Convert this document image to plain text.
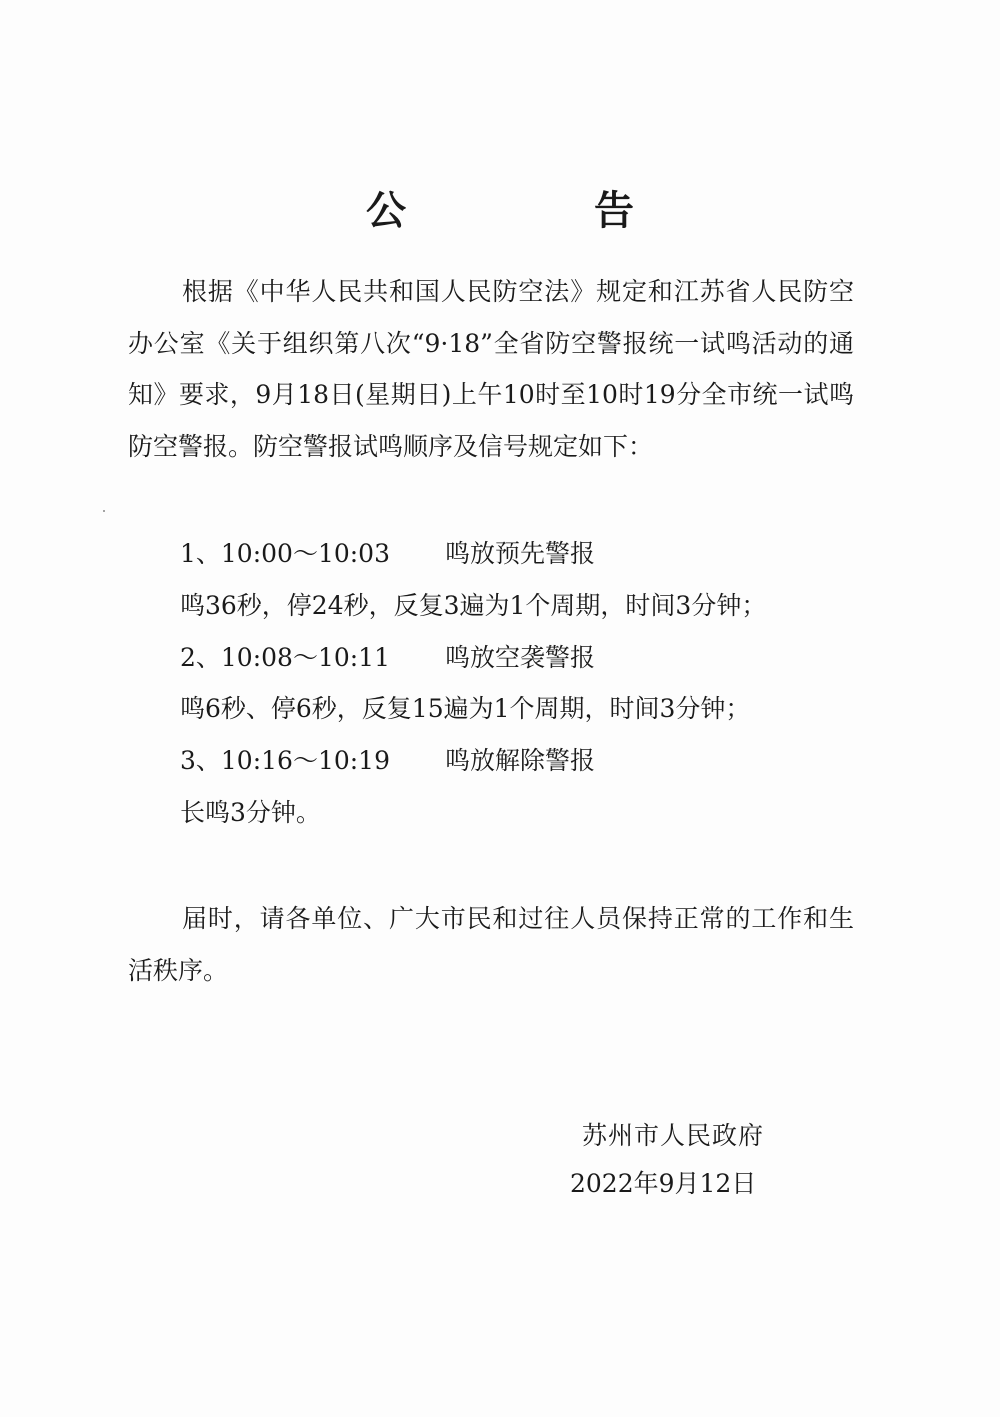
公　告

根据《中华人民共和国人民防空法》规定和江苏省人民防空办公室《关于组织第八次“9·18”全省防空警报统一试鸣活动的通知》要求，9月18日(星期日)上午10时至10时19分全市统一试鸣防空警报。防空警报试鸣顺序及信号规定如下：

1、10:00～10:03 鸣放预先警报
鸣36秒，停24秒，反复3遍为1个周期，时间3分钟；
2、10:08～10:11 鸣放空袭警报
鸣6秒、停6秒，反复15遍为1个周期，时间3分钟；
3、10:16～10:19 鸣放解除警报
长鸣3分钟。

届时，请各单位、广大市民和过往人员保持正常的工作和生活秩序。

苏州市人民政府
2022年9月12日
